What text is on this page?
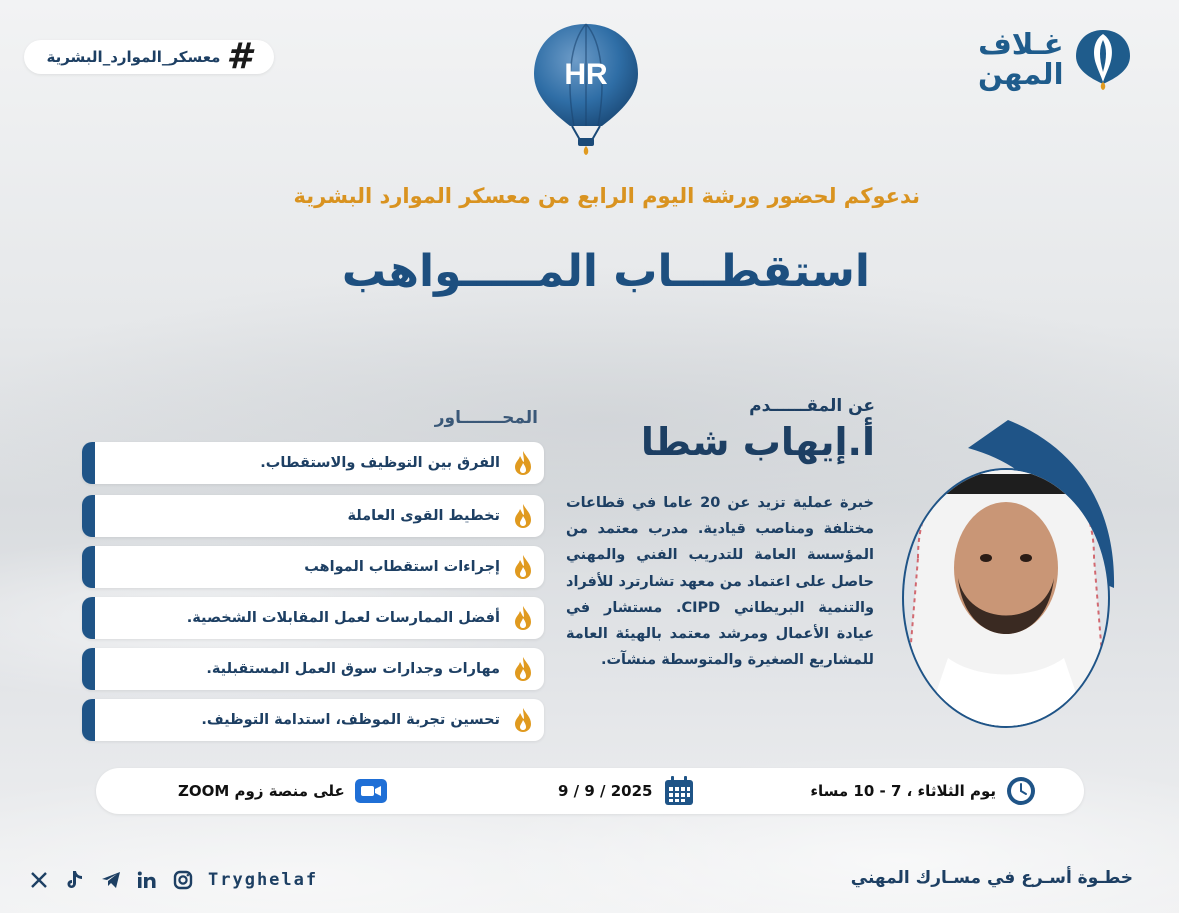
#
معسكر_الموارد_البشرية	غـلاف
المهن
HR
ندعوكم لحضور ورشة اليوم الرابع من معسكر الموارد البشرية
استقطـــاب المـــــواهب
المحـــــــاور
الفرق بين التوظيف والاستقطاب.
تخطيط القوى العاملة
إجراءات استقطاب المواهب
أفضل الممارسات لعمل المقابلات الشخصية.
مهارات وجدارات سوق العمل المستقبلية.
تحسين تجربة الموظف، استدامة التوظيف.
عن المقــــــدم
أ.إيهاب شطا
خبرة عملية تزيد عن 20 عاما في قطاعات مختلفة ومناصب قيادية. مدرب معتمد من المؤسسة العامة للتدريب الفني والمهني حاصل على اعتماد من معهد تشارترد للأفراد والتنمية البريطاني CIPD. مستشار في عيادة الأعمال ومرشد معتمد بالهيئة العامة للمشاريع الصغيرة والمتوسطة منشآت.
يوم الثلاثاء ، 7 - 10 مساء
2025 / 9 / 9
على منصة زوم ZOOM
Tryghelaf	خطـوة أسـرع في مسـارك المهني
